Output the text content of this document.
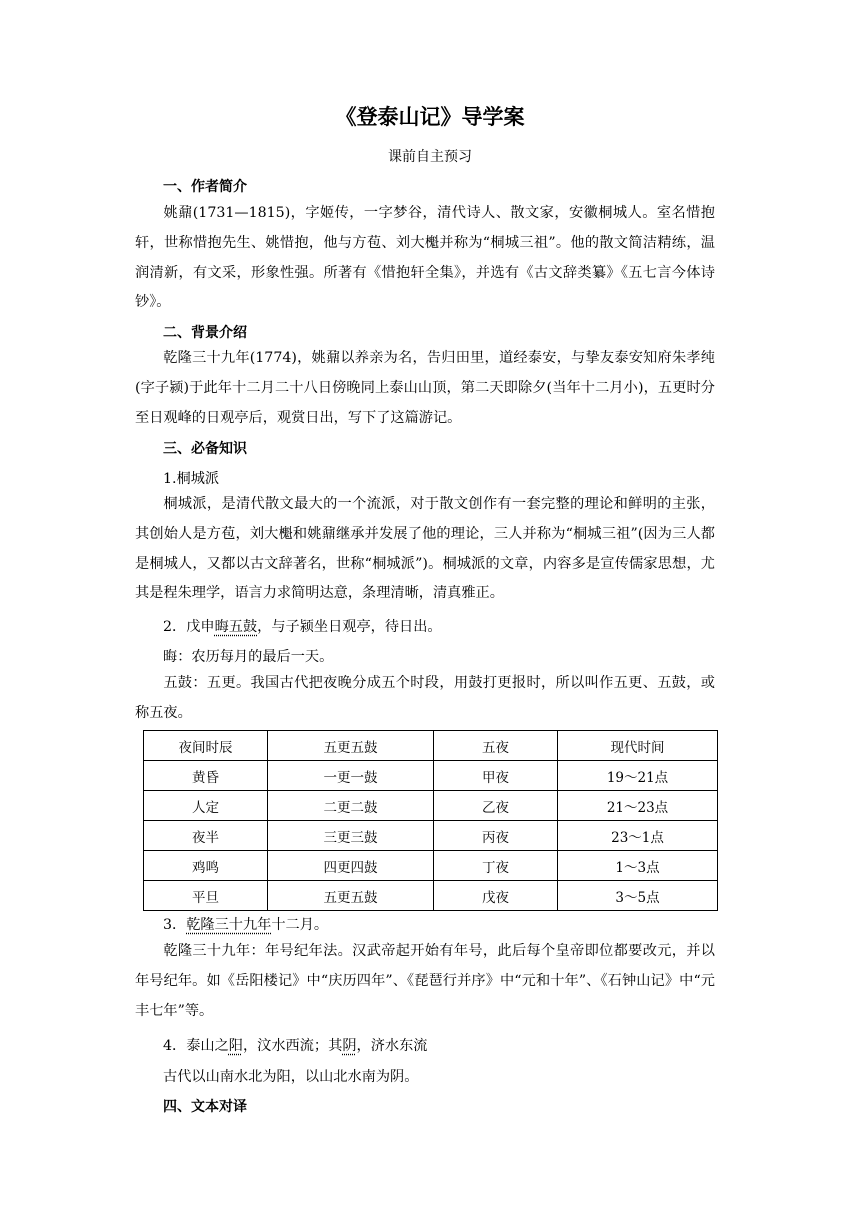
《登泰山记》导学案
课前自主预习
一、作者简介
姚鼐(1731—1815)，字姬传，一字梦谷，清代诗人、散文家，安徽桐城人。室名惜抱轩，世称惜抱先生、姚惜抱，他与方苞、刘大櫆并称为“桐城三祖”。他的散文简洁精练，温润清新，有文采，形象性强。所著有《惜抱轩全集》，并选有《古文辞类纂》《五七言今体诗钞》。
二、背景介绍
乾隆三十九年(1774)，姚鼐以养亲为名，告归田里，道经泰安，与挚友泰安知府朱孝纯(字子颍)于此年十二月二十八日傍晚同上泰山山顶，第二天即除夕(当年十二月小)，五更时分至日观峰的日观亭后，观赏日出，写下了这篇游记。
三、必备知识
1.桐城派
桐城派，是清代散文最大的一个流派，对于散文创作有一套完整的理论和鲜明的主张，其创始人是方苞，刘大櫆和姚鼐继承并发展了他的理论，三人并称为“桐城三祖”(因为三人都是桐城人，又都以古文辞著名，世称“桐城派”)。桐城派的文章，内容多是宣传儒家思想，尤其是程朱理学，语言力求简明达意，条理清晰，清真雅正。
2．戊申晦五鼓，与子颍坐日观亭，待日出。
晦：农历每月的最后一天。
五鼓：五更。我国古代把夜晚分成五个时段，用鼓打更报时，所以叫作五更、五鼓，或称五夜。
夜间时辰	五更五鼓	五夜	现代时间
黄昏	一更一鼓	甲夜	19～21点
人定	二更二鼓	乙夜	21～23点
夜半	三更三鼓	丙夜	23～1点
鸡鸣	四更四鼓	丁夜	1～3点
平旦	五更五鼓	戊夜	3～5点
3．乾隆三十九年十二月。
乾隆三十九年：年号纪年法。汉武帝起开始有年号，此后每个皇帝即位都要改元，并以年号纪年。如《岳阳楼记》中“庆历四年”、《琵琶行并序》中“元和十年”、《石钟山记》中“元丰七年”等。
4．泰山之阳，汶水西流；其阴，济水东流
古代以山南水北为阳，以山北水南为阴。
四、文本对译
